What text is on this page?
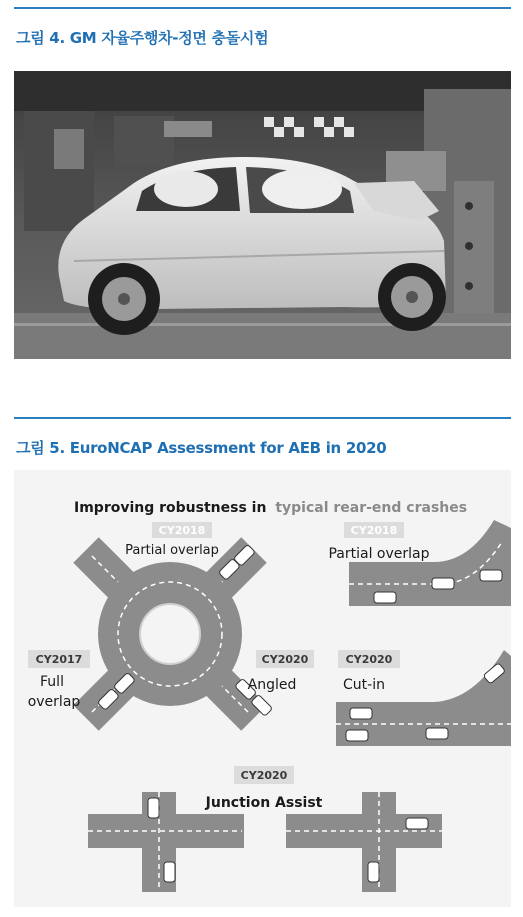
그림 4. GM 자율주행차-정면 충돌시험
그림 5. EuroNCAP Assessment for AEB in 2020
Improving robustness in typical rear-end crashes
CY2018
Partial overlap
CY2017
Full
overlap
CY2020
Angled
CY2018
Partial overlap
CY2020
Cut-in
CY2020
Junction Assist
